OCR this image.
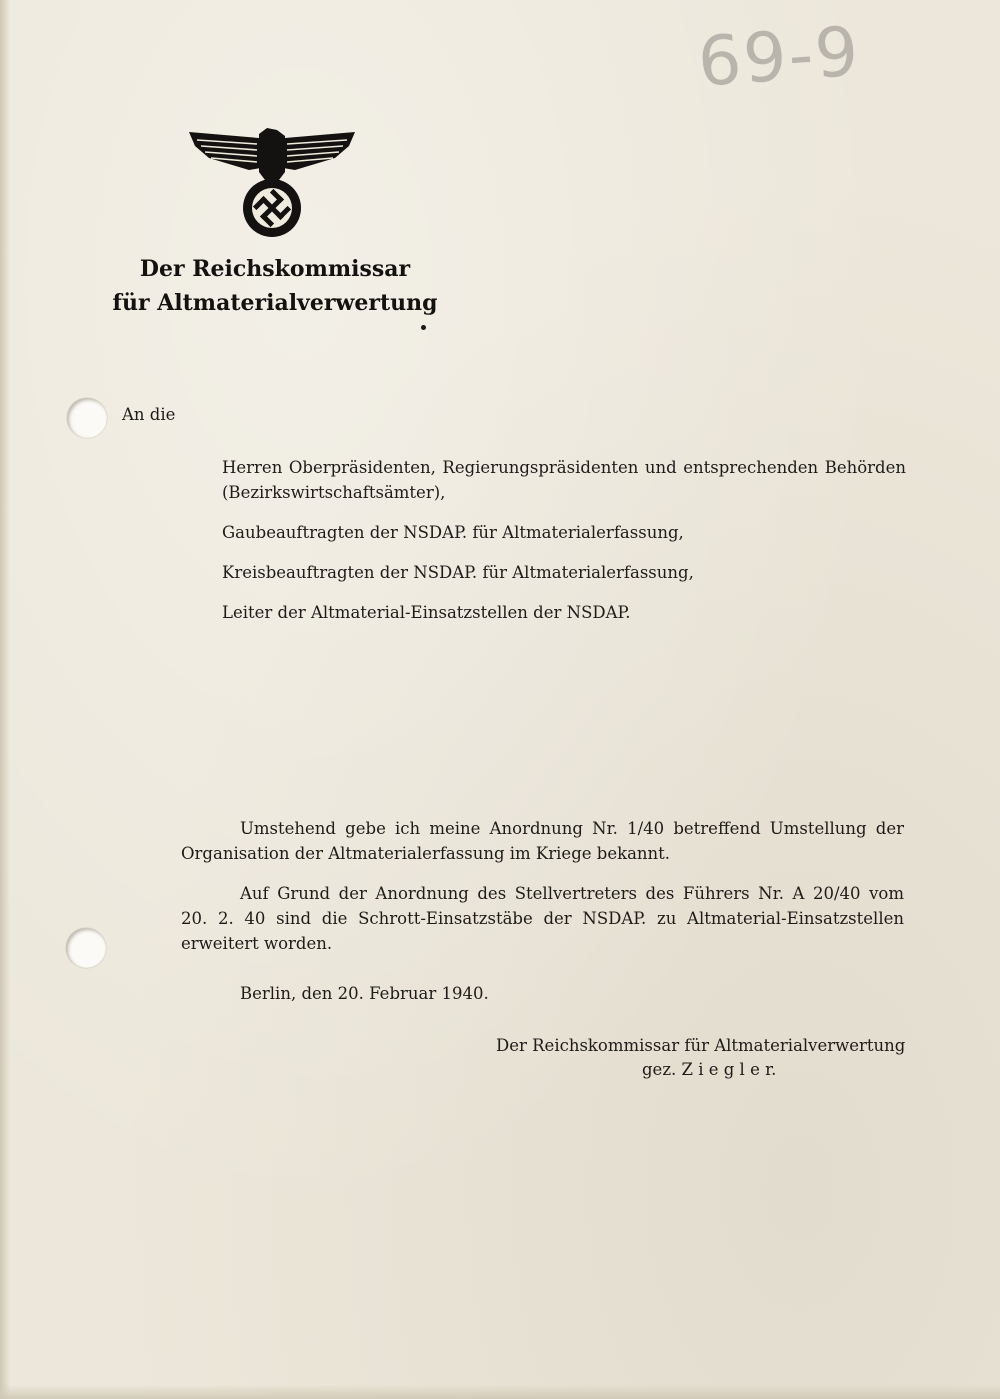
69-9
Der Reichskommissar
für Altmaterialverwertung
An die
Herren Oberpräsidenten, Regierungspräsidenten und entsprechenden Behörden
(Bezirkswirtschaftsämter),
Gaubeauftragten der NSDAP. für Altmaterialerfassung,
Kreisbeauftragten der NSDAP. für Altmaterialerfassung,
Leiter der Altmaterial-Einsatzstellen der NSDAP.
Umstehend gebe ich meine Anordnung Nr. 1/40 betreffend Umstellung der
Organisation der Altmaterialerfassung im Kriege bekannt.
Auf Grund der Anordnung des Stellvertreters des Führers Nr. A 20/40 vom
20. 2. 40 sind die Schrott-Einsatzstäbe der NSDAP. zu Altmaterial-Einsatzstellen
erweitert worden.
Berlin, den 20. Februar 1940.
Der Reichskommissar für Altmaterialverwertung
gez. Z i e g l e r.
